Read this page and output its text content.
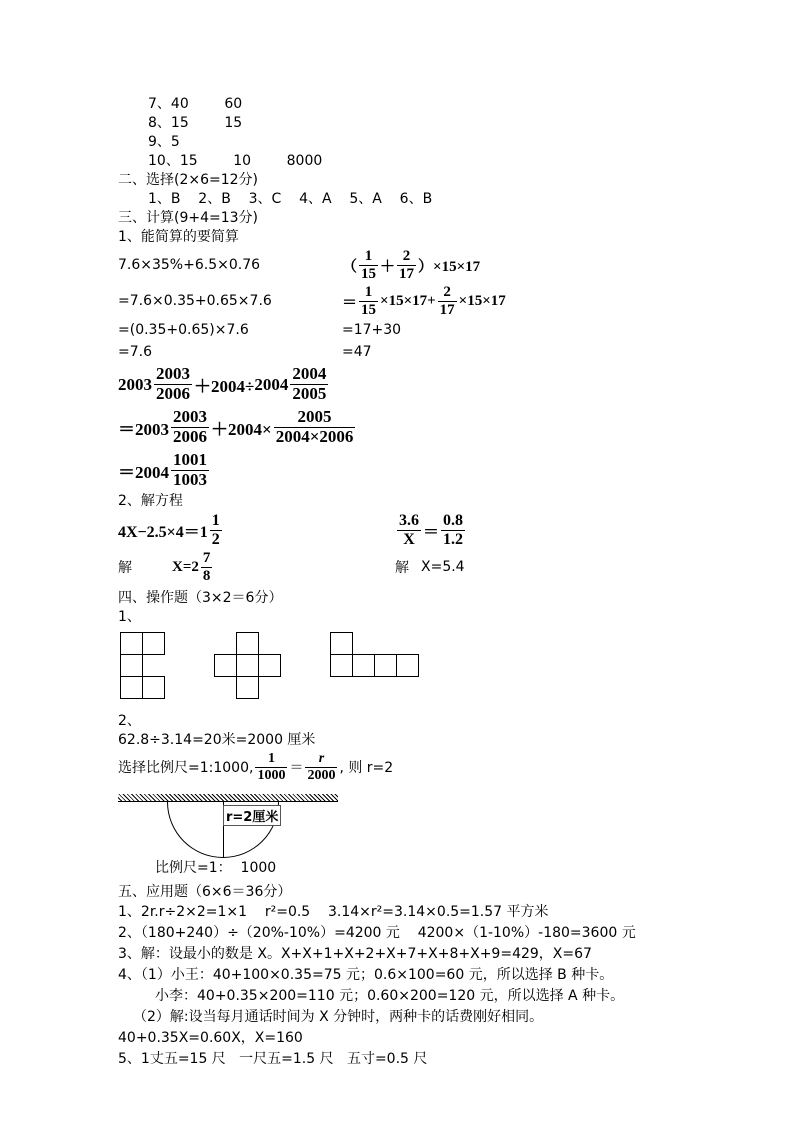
7、40        60
8、15        15
9、5
10、15        10        8000
二、选择(2×6=12分)
1、B    2、B    3、C    4、A    5、A    6、B
三、计算(9+4=13分)
1、能简算的要简算
7.6×35%+6.5×0.76	（ $\frac{1}{15} + \frac{2}{17} )\times 15\times 17$
=7.6×0.35+0.65×7.6	＝ $\frac{1}{15} \times 15\times 17+ \frac{2}{17} \times 15\times 17$
=(0.35+0.65)×7.6	=17+30
=7.6	=47
$2003 \frac{2003}{2006} +2004\div 2004 \frac{2004}{2005}$
$=2003 \frac{2003}{2006} +2004\times \frac{2005}{2004\times 2006}$
$=2004 \frac{1001}{1003}$
2、解方程
$4X-2.5\times 4=1 \frac{1}{2}$	$\frac{3.6}{X} = \frac{0.8}{1.2}$
解	$X=2 \frac{7}{8}$	解 X=5.4
四、操作题（3×2＝6分）
1、
2、
62.8÷3.14=20米=2000 厘米
选择比例尺=1:1000, $\frac{1}{1000} = \frac{r}{2000}$ , 则 r=2
r=2厘米
比例尺=1：  1000
五、应用题（6×6＝36分）
1、2r.r÷2×2=1×1    r²=0.5    3.14×r²=3.14×0.5=1.57 平方米
2、（180+240）÷（20%-10%）=4200 元    4200×（1-10%）-180=3600 元
3、解：设最小的数是 X。X+X+1+X+2+X+7+X+8+X+9=429，X=67
4、（1）小王：40+100×0.35=75 元；0.6×100=60 元，所以选择 B 种卡。
小李：40+0.35×200=110 元；0.60×200=120 元，所以选择 A 种卡。
（2）解:设当每月通话时间为 X 分钟时，两种卡的话费刚好相同。
40+0.35X=0.60X，X=160
5、1丈五=15 尺   一尺五=1.5 尺   五寸=0.5 尺
